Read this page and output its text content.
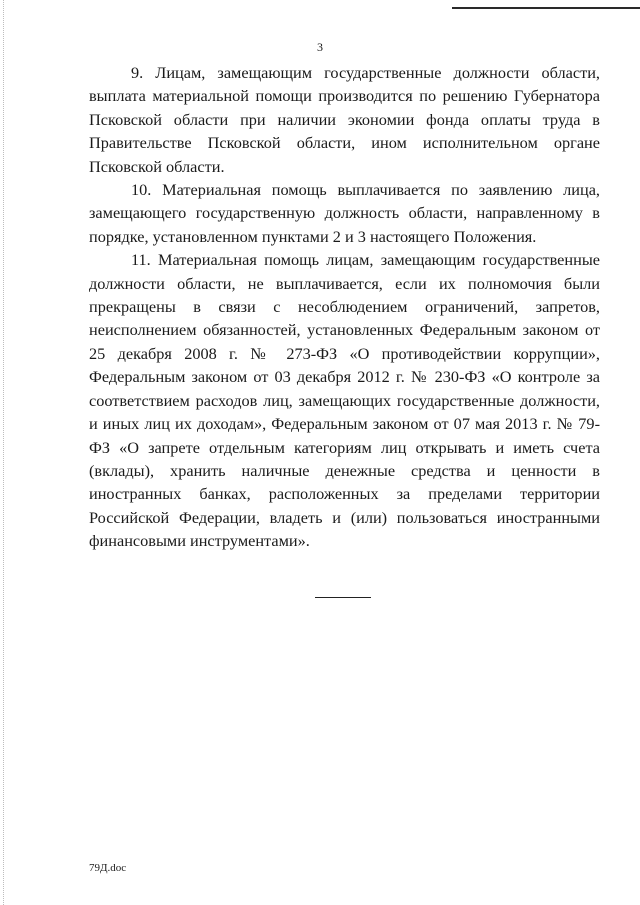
3

9. Лицам, замещающим государственные должности области, выплата материальной помощи производится по решению Губернатора Псковской области при наличии экономии фонда оплаты труда в Правительстве Псковской области, ином исполнительном органе Псковской области.

10. Материальная помощь выплачивается по заявлению лица, замещающего государственную должность области, направленному в порядке, установленном пунктами 2 и 3 настоящего Положения.

11. Материальная помощь лицам, замещающим государственные должности области, не выплачивается, если их полномочия были прекращены в связи с несоблюдением ограничений, запретов, неисполнением обязанностей, установленных Федеральным законом от 25 декабря 2008 г. № 273-ФЗ «О противодействии коррупции», Федеральным законом от 03 декабря 2012 г. № 230-ФЗ «О контроле за соответствием расходов лиц, замещающих государственные должности, и иных лиц их доходам», Федеральным законом от 07 мая 2013 г. № 79-ФЗ «О запрете отдельным категориям лиц открывать и иметь счета (вклады), хранить наличные денежные средства и ценности в иностранных банках, расположенных за пределами территории Российской Федерации, владеть и (или) пользоваться иностранными финансовыми инструментами».

79Д.doc
